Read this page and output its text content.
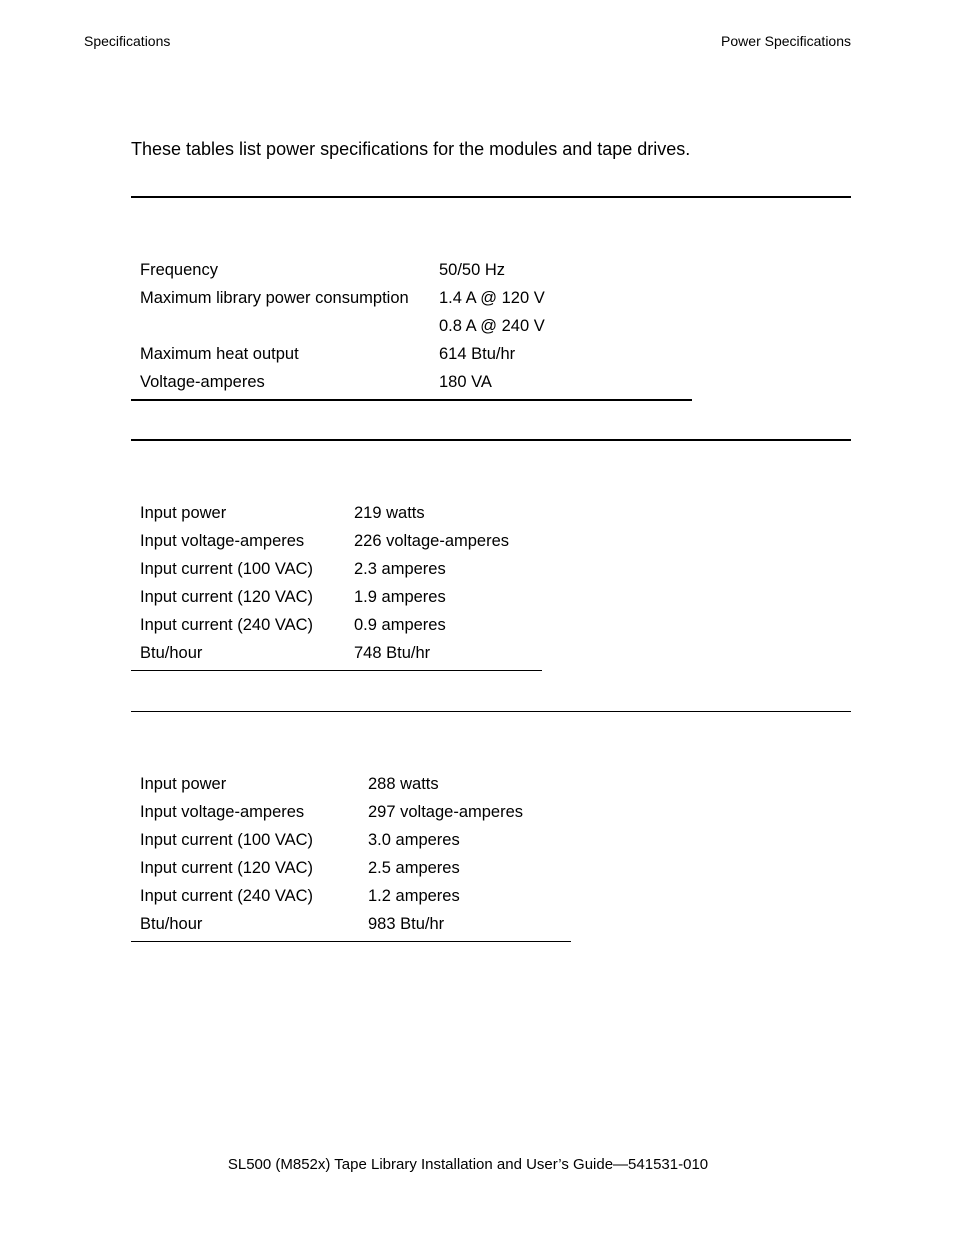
Specifications	Power Specifications

These tables list power specifications for the modules and tape drives.

Frequency	50/50 Hz
Maximum library power consumption	1.4 A @ 120 V
	0.8 A @ 240 V
Maximum heat output	614 Btu/hr
Voltage-amperes	180 VA
Input power	219 watts
Input voltage-amperes	226 voltage-amperes
Input current (100 VAC)	2.3 amperes
Input current (120 VAC)	1.9 amperes
Input current (240 VAC)	0.9 amperes
Btu/hour	748 Btu/hr
Input power	288 watts
Input voltage-amperes	297 voltage-amperes
Input current (100 VAC)	3.0 amperes
Input current (120 VAC)	2.5 amperes
Input current (240 VAC)	1.2 amperes
Btu/hour	983 Btu/hr
SL500 (M852x) Tape Library Installation and User’s Guide—541531-010
